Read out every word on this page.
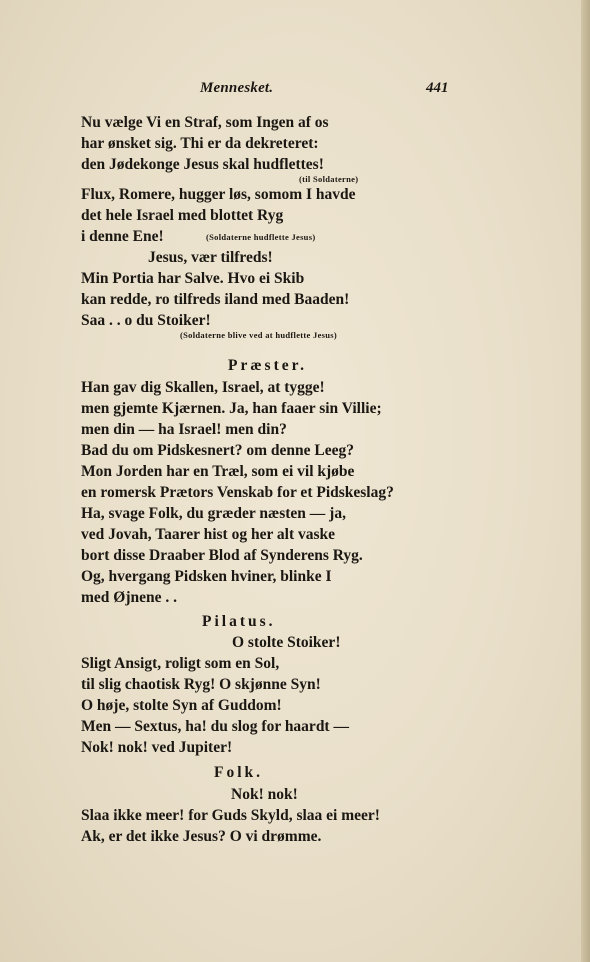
Mennesket.	441
Nu vælge Vi en Straf, som Ingen af os
har ønsket sig. Thi er da dekreteret:
den Jødekonge Jesus skal hudflettes!
(til Soldaterne)
Flux, Romere, hugger løs, somom I havde
det hele Israel med blottet Ryg
i denne Ene!	(Soldaterne hudflette Jesus)
Jesus, vær tilfreds!
Min Portia har Salve. Hvo ei Skib
kan redde, ro tilfreds iland med Baaden!
Saa . . o du Stoiker!
(Soldaterne blive ved at hudflette Jesus)
Præster.
Han gav dig Skallen, Israel, at tygge!
men gjemte Kjærnen. Ja, han faaer sin Villie;
men din — ha Israel! men din?
Bad du om Pidskesnert? om denne Leeg?
Mon Jorden har en Træl, som ei vil kjøbe
en romersk Prætors Venskab for et Pidskeslag?
Ha, svage Folk, du græder næsten — ja,
ved Jovah, Taarer hist og her alt vaske
bort disse Draaber Blod af Synderens Ryg.
Og, hvergang Pidsken hviner, blinke I
med Øjnene . .
Pilatus.
O stolte Stoiker!
Sligt Ansigt, roligt som en Sol,
til slig chaotisk Ryg! O skjønne Syn!
O høje, stolte Syn af Guddom!
Men — Sextus, ha! du slog for haardt —
Nok! nok! ved Jupiter!
Folk.
Nok! nok!
Slaa ikke meer! for Guds Skyld, slaa ei meer!
Ak, er det ikke Jesus? O vi drømme.
